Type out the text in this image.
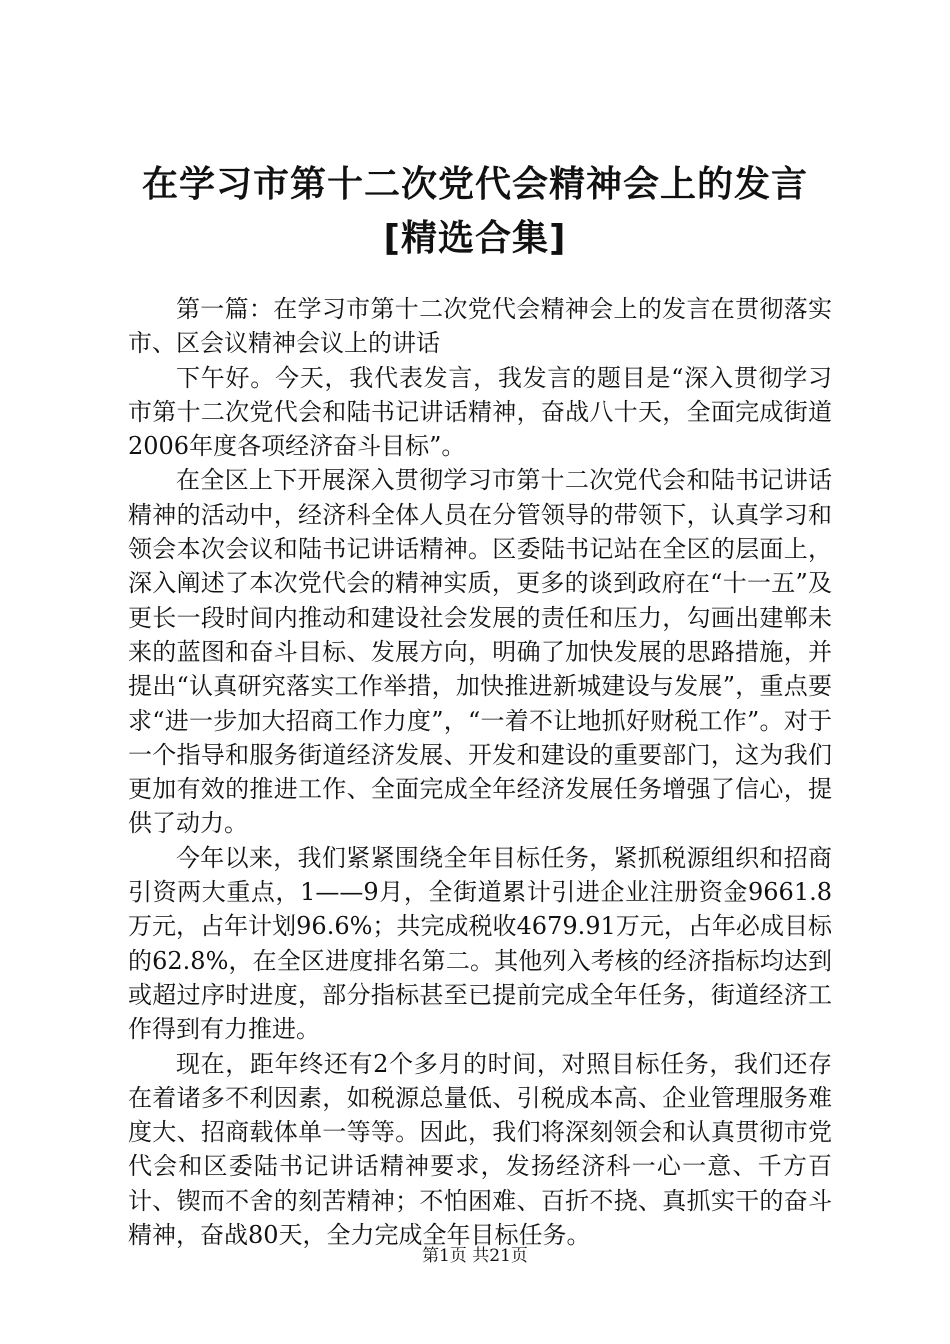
在学习市第十二次党代会精神会上的发言[精选合集]

第一篇：在学习市第十二次党代会精神会上的发言在贯彻落实市、区会议精神会议上的讲话

下午好。今天，我代表发言，我发言的题目是“深入贯彻学习市第十二次党代会和陆书记讲话精神，奋战八十天，全面完成街道2006年度各项经济奋斗目标”。

在全区上下开展深入贯彻学习市第十二次党代会和陆书记讲话精神的活动中，经济科全体人员在分管领导的带领下，认真学习和领会本次会议和陆书记讲话精神。区委陆书记站在全区的层面上，深入阐述了本次党代会的精神实质，更多的谈到政府在“十一五”及更长一段时间内推动和建设社会发展的责任和压力，勾画出建郸未来的蓝图和奋斗目标、发展方向，明确了加快发展的思路措施，并提出“认真研究落实工作举措，加快推进新城建设与发展”，重点要求“进一步加大招商工作力度”，“一着不让地抓好财税工作”。对于一个指导和服务街道经济发展、开发和建设的重要部门，这为我们更加有效的推进工作、全面完成全年经济发展任务增强了信心，提供了动力。

今年以来，我们紧紧围绕全年目标任务，紧抓税源组织和招商引资两大重点，1——9月，全街道累计引进企业注册资金9661.8万元，占年计划96.6%；共完成税收4679.91万元，占年必成目标的62.8%，在全区进度排名第二。其他列入考核的经济指标均达到或超过序时进度，部分指标甚至已提前完成全年任务，街道经济工作得到有力推进。

现在，距年终还有2个多月的时间，对照目标任务，我们还存在着诸多不利因素，如税源总量低、引税成本高、企业管理服务难度大、招商载体单一等等。因此，我们将深刻领会和认真贯彻市党代会和区委陆书记讲话精神要求，发扬经济科一心一意、千方百计、锲而不舍的刻苦精神；不怕困难、百折不挠、真抓实干的奋斗精神，奋战80天，全力完成全年目标任务。

第1页 共21页
